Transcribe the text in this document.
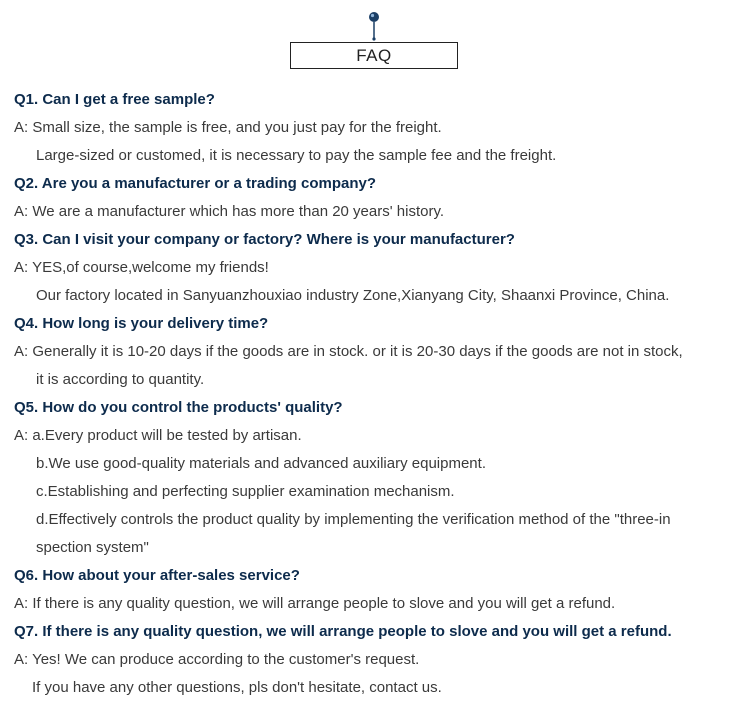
FAQ
Q1. Can I get a free sample?
A: Small size, the sample is free, and you just pay for the freight.
Large-sized or customed, it is necessary to pay the sample fee and the freight.
Q2. Are you a manufacturer or a trading company?
A: We are a manufacturer which has more than 20 years' history.
Q3. Can I visit your company or factory? Where is your manufacturer?
A: YES,of course,welcome my friends!
Our factory located in Sanyuanzhouxiao industry Zone,Xianyang City, Shaanxi Province, China.
Q4. How long is your delivery time?
A: Generally it is 10-20 days if the goods are in stock. or it is 20-30 days if the goods are not in stock,
it is according to quantity.
Q5. How do you control the products' quality?
A: a.Every product will be tested by artisan.
b.We use good-quality materials and advanced auxiliary equipment.
c.Establishing and perfecting supplier examination mechanism.
d.Effectively controls the product quality by implementing the verification method of the "three-in
spection system"
Q6. How about your after-sales service?
A: If there is any quality question, we will arrange people to slove and you will get a refund.
Q7. If there is any quality question, we will arrange people to slove and you will get a refund.
A: Yes! We can produce according to the customer's request.
If you have any other questions, pls don't hesitate, contact us.
